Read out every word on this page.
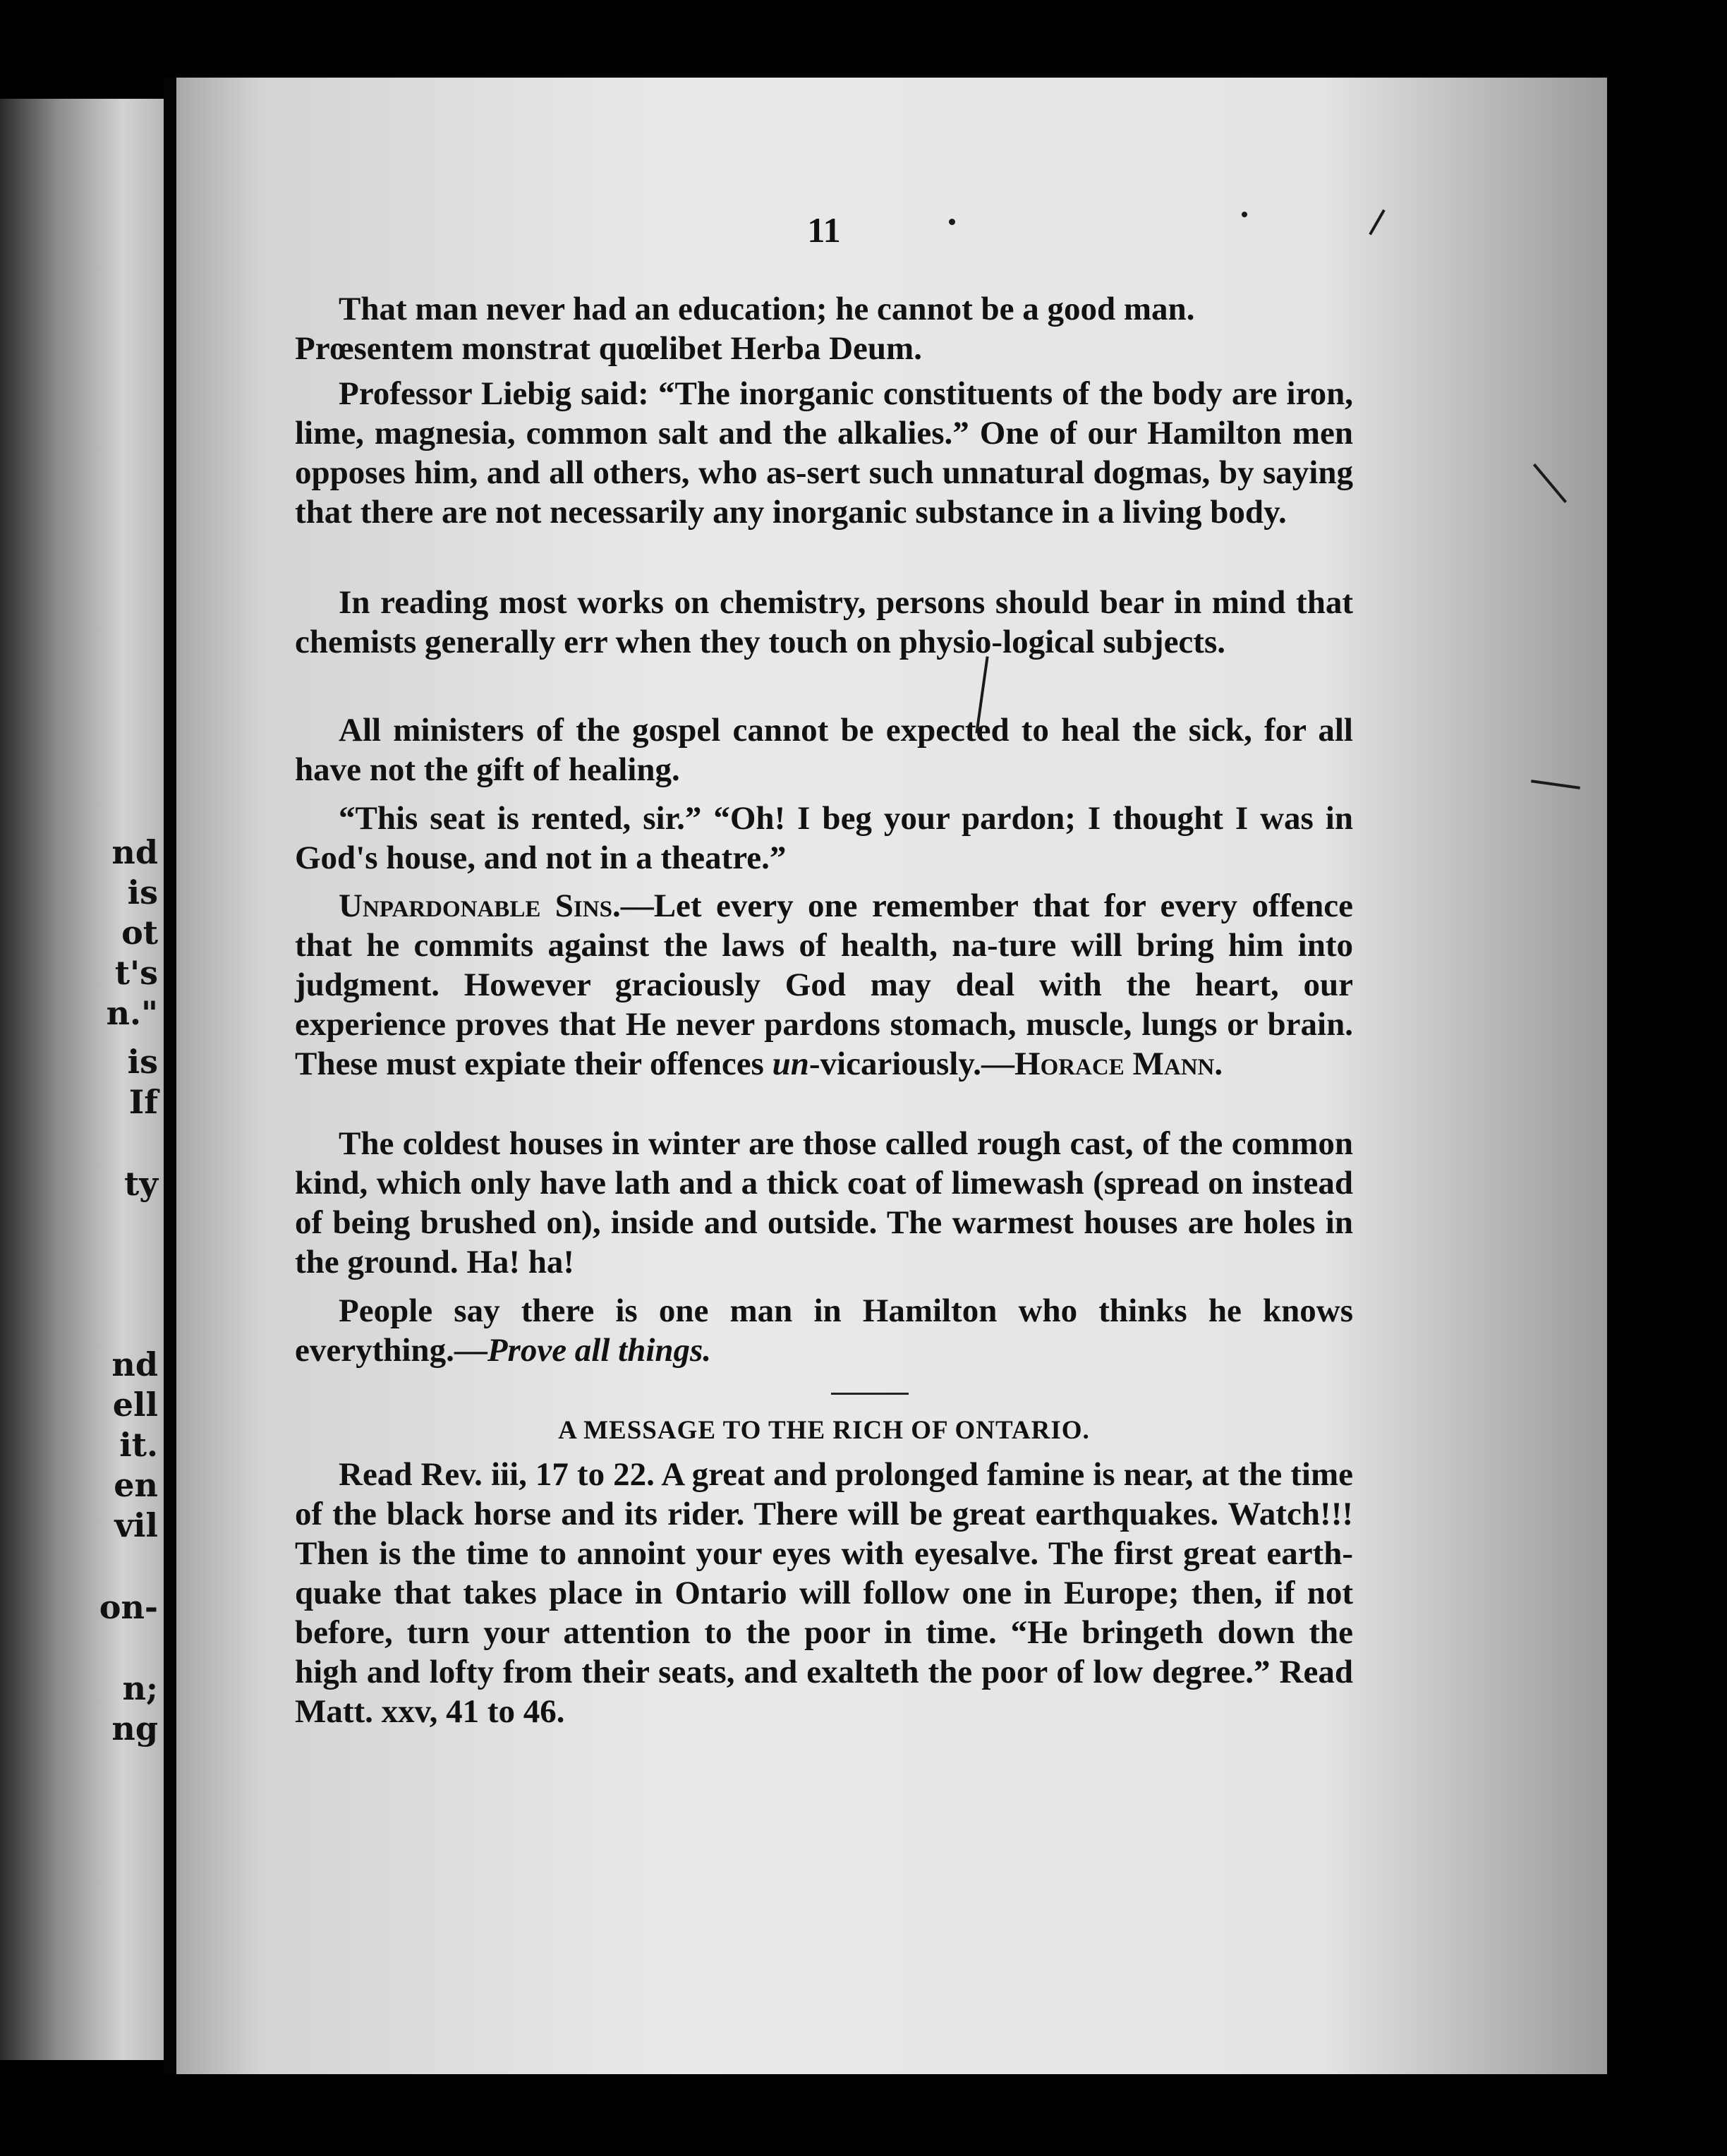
nd
is
ot
t's
n."
is
If
ty
nd
ell
it.
en
vil
on-
n;
ng
11
That man never had an education; he cannot be a good man.
Prœsentem monstrat quœlibet Herba Deum.
Professor Liebig said: “The inorganic constituents of the body are iron, lime, magnesia, common salt and the alkalies.” One of our Hamilton men opposes him, and all others, who as-sert such unnatural dogmas, by saying that there are not necessarily any inorganic substance in a living body.
In reading most works on chemistry, persons should bear in mind that chemists generally err when they touch on physio-logical subjects.
All ministers of the gospel cannot be expected to heal the sick, for all have not the gift of healing.
“This seat is rented, sir.” “Oh! I beg your pardon; I thought I was in God's house, and not in a theatre.”
Unpardonable Sins.—Let every one remember that for every offence that he commits against the laws of health, na-ture will bring him into judgment. However graciously God may deal with the heart, our experience proves that He never pardons stomach, muscle, lungs or brain. These must expiate their offences un-vicariously.—Horace Mann.
The coldest houses in winter are those called rough cast, of the common kind, which only have lath and a thick coat of limewash (spread on instead of being brushed on), inside and outside. The warmest houses are holes in the ground. Ha! ha!
People say there is one man in Hamilton who thinks he knows everything.—Prove all things.
A MESSAGE TO THE RICH OF ONTARIO.
Read Rev. iii, 17 to 22. A great and prolonged famine is near, at the time of the black horse and its rider. There will be great earthquakes. Watch!!! Then is the time to annoint your eyes with eyesalve. The first great earth-quake that takes place in Ontario will follow one in Europe; then, if not before, turn your attention to the poor in time. “He bringeth down the high and lofty from their seats, and exalteth the poor of low degree.” Read Matt. xxv, 41 to 46.
